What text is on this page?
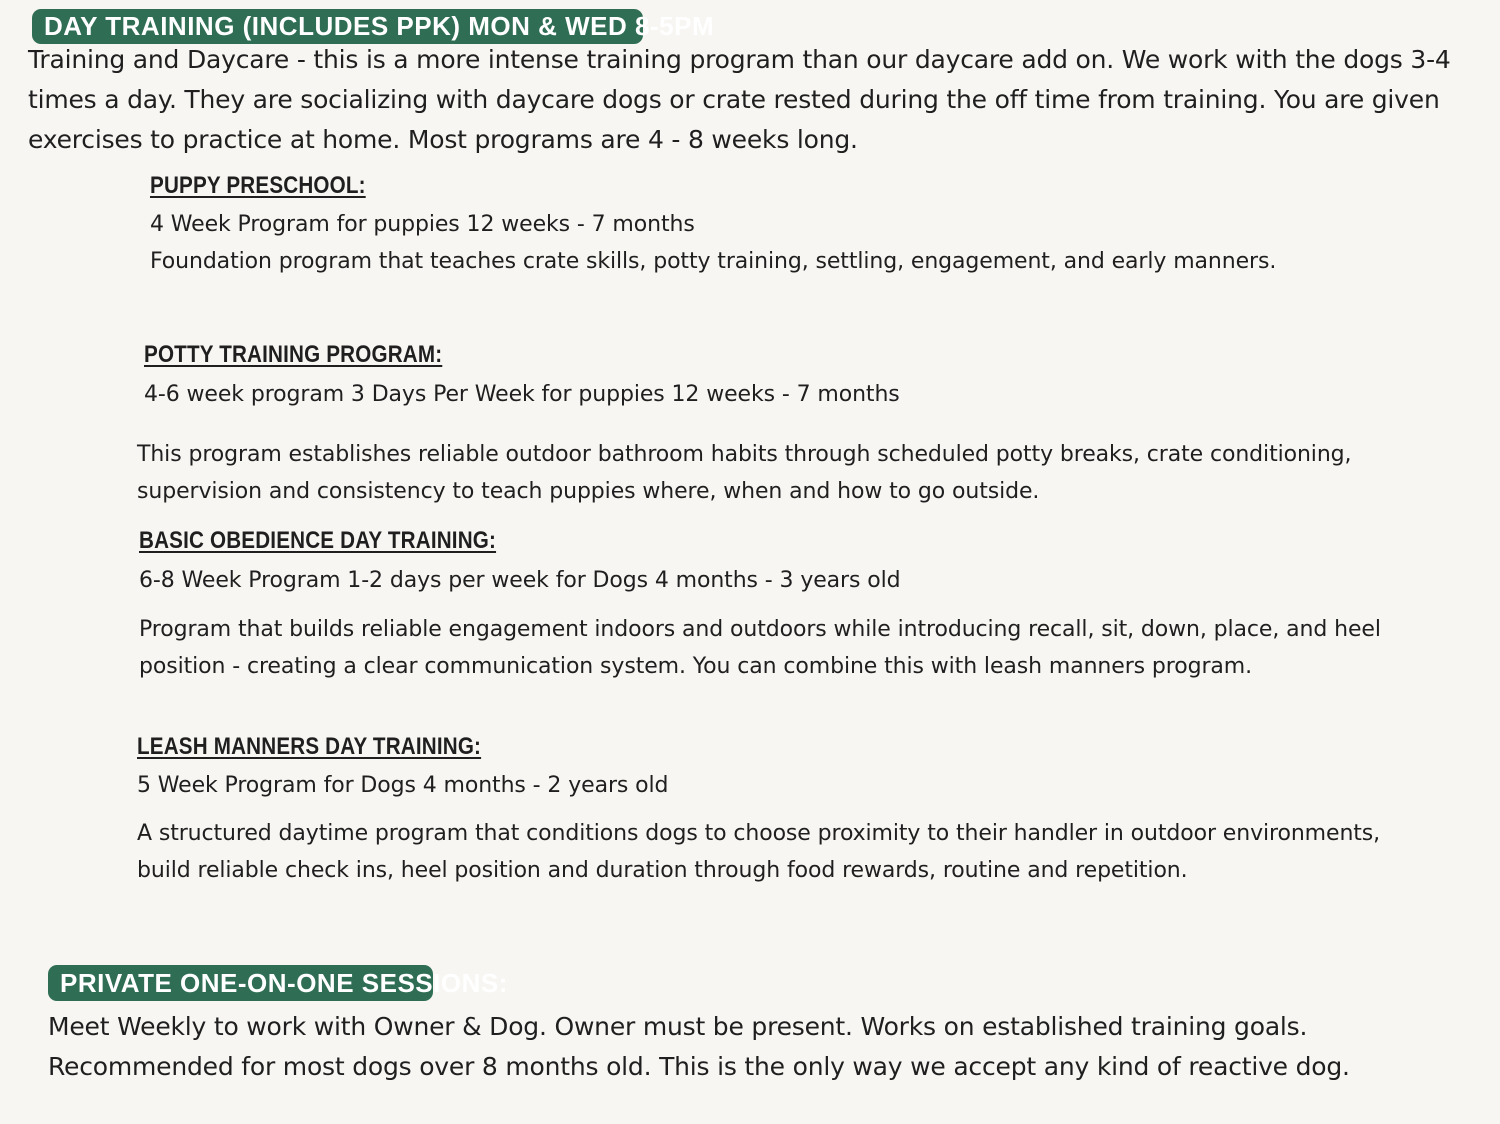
DAY TRAINING (INCLUDES PPK) MON & WED 8-5PM

Training and Daycare - this is a more intense training program than our daycare add on. We work with the dogs 3-4 times a day. They are socializing with daycare dogs or crate rested during the off time from training. You are given exercises to practice at home. Most programs are 4 - 8 weeks long.

PUPPY PRESCHOOL:

4 Week Program for puppies 12 weeks - 7 months

Foundation program that teaches crate skills, potty training, settling, engagement, and early manners.

POTTY TRAINING PROGRAM:

4-6 week program 3 Days Per Week for puppies 12 weeks - 7 months

This program establishes reliable outdoor bathroom habits through scheduled potty breaks, crate conditioning, supervision and consistency to teach puppies where, when and how to go outside.

BASIC OBEDIENCE DAY TRAINING:

6-8 Week Program 1-2 days per week for Dogs 4 months - 3 years old

Program that builds reliable engagement indoors and outdoors while introducing recall, sit, down, place, and heel position - creating a clear communication system. You can combine this with leash manners program.

LEASH MANNERS DAY TRAINING:

5 Week Program for Dogs 4 months - 2 years old

A structured daytime program that conditions dogs to choose proximity to their handler in outdoor environments, build reliable check ins, heel position and duration through food rewards, routine and repetition.

PRIVATE ONE-ON-ONE SESSIONS:

Meet Weekly to work with Owner & Dog. Owner must be present. Works on established training goals. Recommended for most dogs over 8 months old. This is the only way we accept any kind of reactive dog.
